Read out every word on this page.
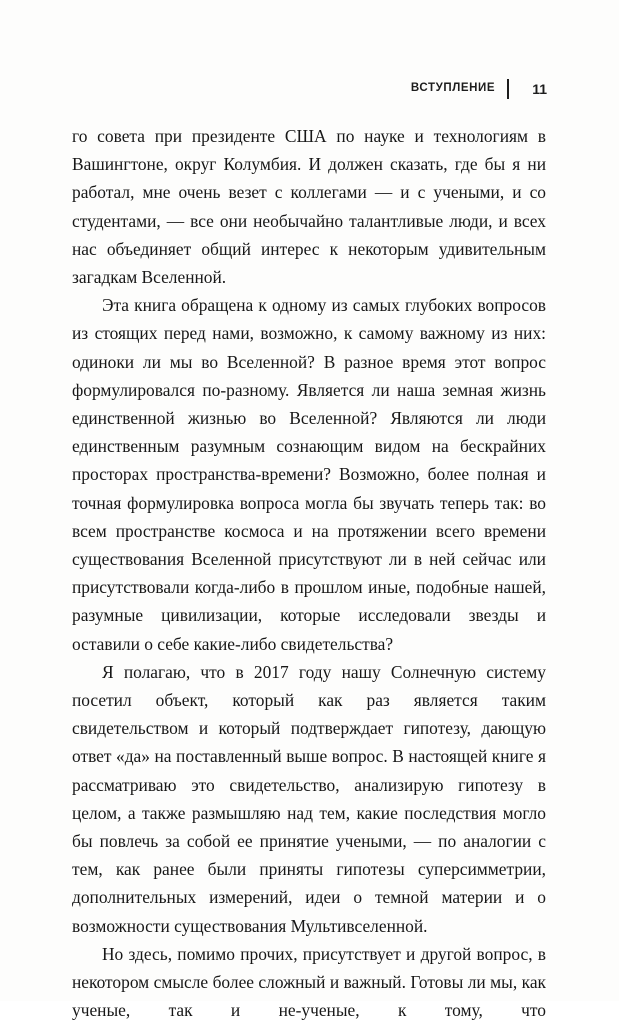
ВСТУПЛЕНИЕ	11

го совета при президенте США по науке и технологиям в Вашингтоне, округ Колумбия. И должен сказать, где бы я ни работал, мне очень везет с коллегами — и с учеными, и со студентами, — все они необычайно талантливые люди, и всех нас объединяет общий интерес к некоторым удивительным загадкам Вселенной.

Эта книга обращена к одному из самых глубоких вопросов из стоящих перед нами, возможно, к самому важному из них: одиноки ли мы во Вселенной? В разное время этот вопрос формулировался по-разному. Является ли наша земная жизнь единственной жизнью во Вселенной? Являются ли люди единственным разумным сознающим видом на бескрайних просторах пространства-времени? Возможно, более полная и точная формулировка вопроса могла бы звучать теперь так: во всем пространстве космоса и на протяжении всего времени существования Вселенной присутствуют ли в ней сейчас или присутствовали когда-либо в прошлом иные, подобные нашей, разумные цивилизации, которые исследовали звезды и оставили о себе какие-либо свидетельства?

Я полагаю, что в 2017 году нашу Солнечную систему посетил объект, который как раз является таким свидетельством и который подтверждает гипотезу, дающую ответ «да» на поставленный выше вопрос. В настоящей книге я рассматриваю это свидетельство, анализирую гипотезу в целом, а также размышляю над тем, какие последствия могло бы повлечь за собой ее принятие учеными, — по аналогии с тем, как ранее были приняты гипотезы суперсимметрии, дополнительных измерений, идеи о темной материи и о возможности существования Мультивселенной.

Но здесь, помимо прочих, присутствует и другой вопрос, в некотором смысле более сложный и важный. Готовы ли мы, как ученые, так и не-ученые, к тому, что
